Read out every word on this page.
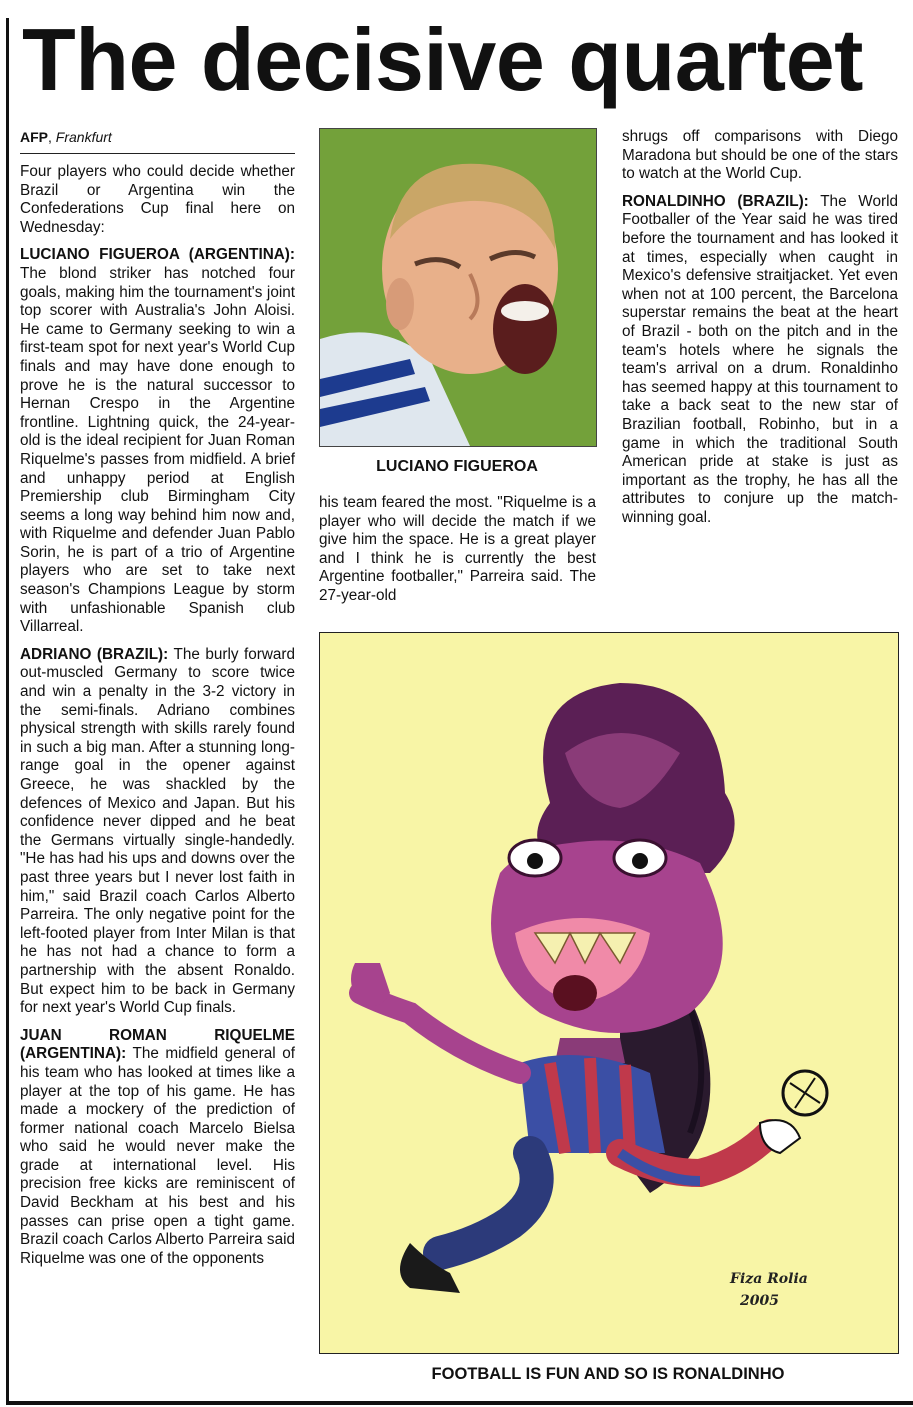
The decisive quartet
AFP, Frankfurt

Four players who could decide whether Brazil or Argentina win the Confederations Cup final here on Wednesday:

LUCIANO FIGUEROA (ARGENTINA): The blond striker has notched four goals, making him the tournament's joint top scorer with Australia's John Aloisi. He came to Germany seeking to win a first-team spot for next year's World Cup finals and may have done enough to prove he is the natural successor to Hernan Crespo in the Argentine frontline. Lightning quick, the 24-year-old is the ideal recipient for Juan Roman Riquelme's passes from midfield. A brief and unhappy period at English Premiership club Birmingham City seems a long way behind him now and, with Riquelme and defender Juan Pablo Sorin, he is part of a trio of Argentine players who are set to take next season's Champions League by storm with unfashionable Spanish club Villarreal.

ADRIANO (BRAZIL): The burly forward out-muscled Germany to score twice and win a penalty in the 3-2 victory in the semi-finals. Adriano combines physical strength with skills rarely found in such a big man. After a stunning long-range goal in the opener against Greece, he was shackled by the defences of Mexico and Japan. But his confidence never dipped and he beat the Germans virtually single-handedly. "He has had his ups and downs over the past three years but I never lost faith in him," said Brazil coach Carlos Alberto Parreira. The only negative point for the left-footed player from Inter Milan is that he has not had a chance to form a partnership with the absent Ronaldo. But expect him to be back in Germany for next year's World Cup finals.

JUAN ROMAN RIQUELME (ARGENTINA): The midfield general of his team who has looked at times like a player at the top of his game. He has made a mockery of the prediction of former national coach Marcelo Bielsa who said he would never make the grade at international level. His precision free kicks are reminiscent of David Beckham at his best and his passes can prise open a tight game. Brazil coach Carlos Alberto Parreira said Riquelme was one of the opponents

LUCIANO FIGUEROA

his team feared the most. "Riquelme is a player who will decide the match if we give him the space. He is a great player and I think he is currently the best Argentine footballer," Parreira said. The 27-year-old

shrugs off comparisons with Diego Maradona but should be one of the stars to watch at the World Cup.

RONALDINHO (BRAZIL): The World Footballer of the Year said he was tired before the tournament and has looked it at times, especially when caught in Mexico's defensive straitjacket. Yet even when not at 100 percent, the Barcelona superstar remains the beat at the heart of Brazil - both on the pitch and in the team's hotels where he signals the team's arrival on a drum. Ronaldinho has seemed happy at this tournament to take a back seat to the new star of Brazilian football, Robinho, but in a game in which the traditional South American pride at stake is just as important as the trophy, he has all the attributes to conjure up the match-winning goal.

Fiza Rolia
2005
FOOTBALL IS FUN AND SO IS RONALDINHO
